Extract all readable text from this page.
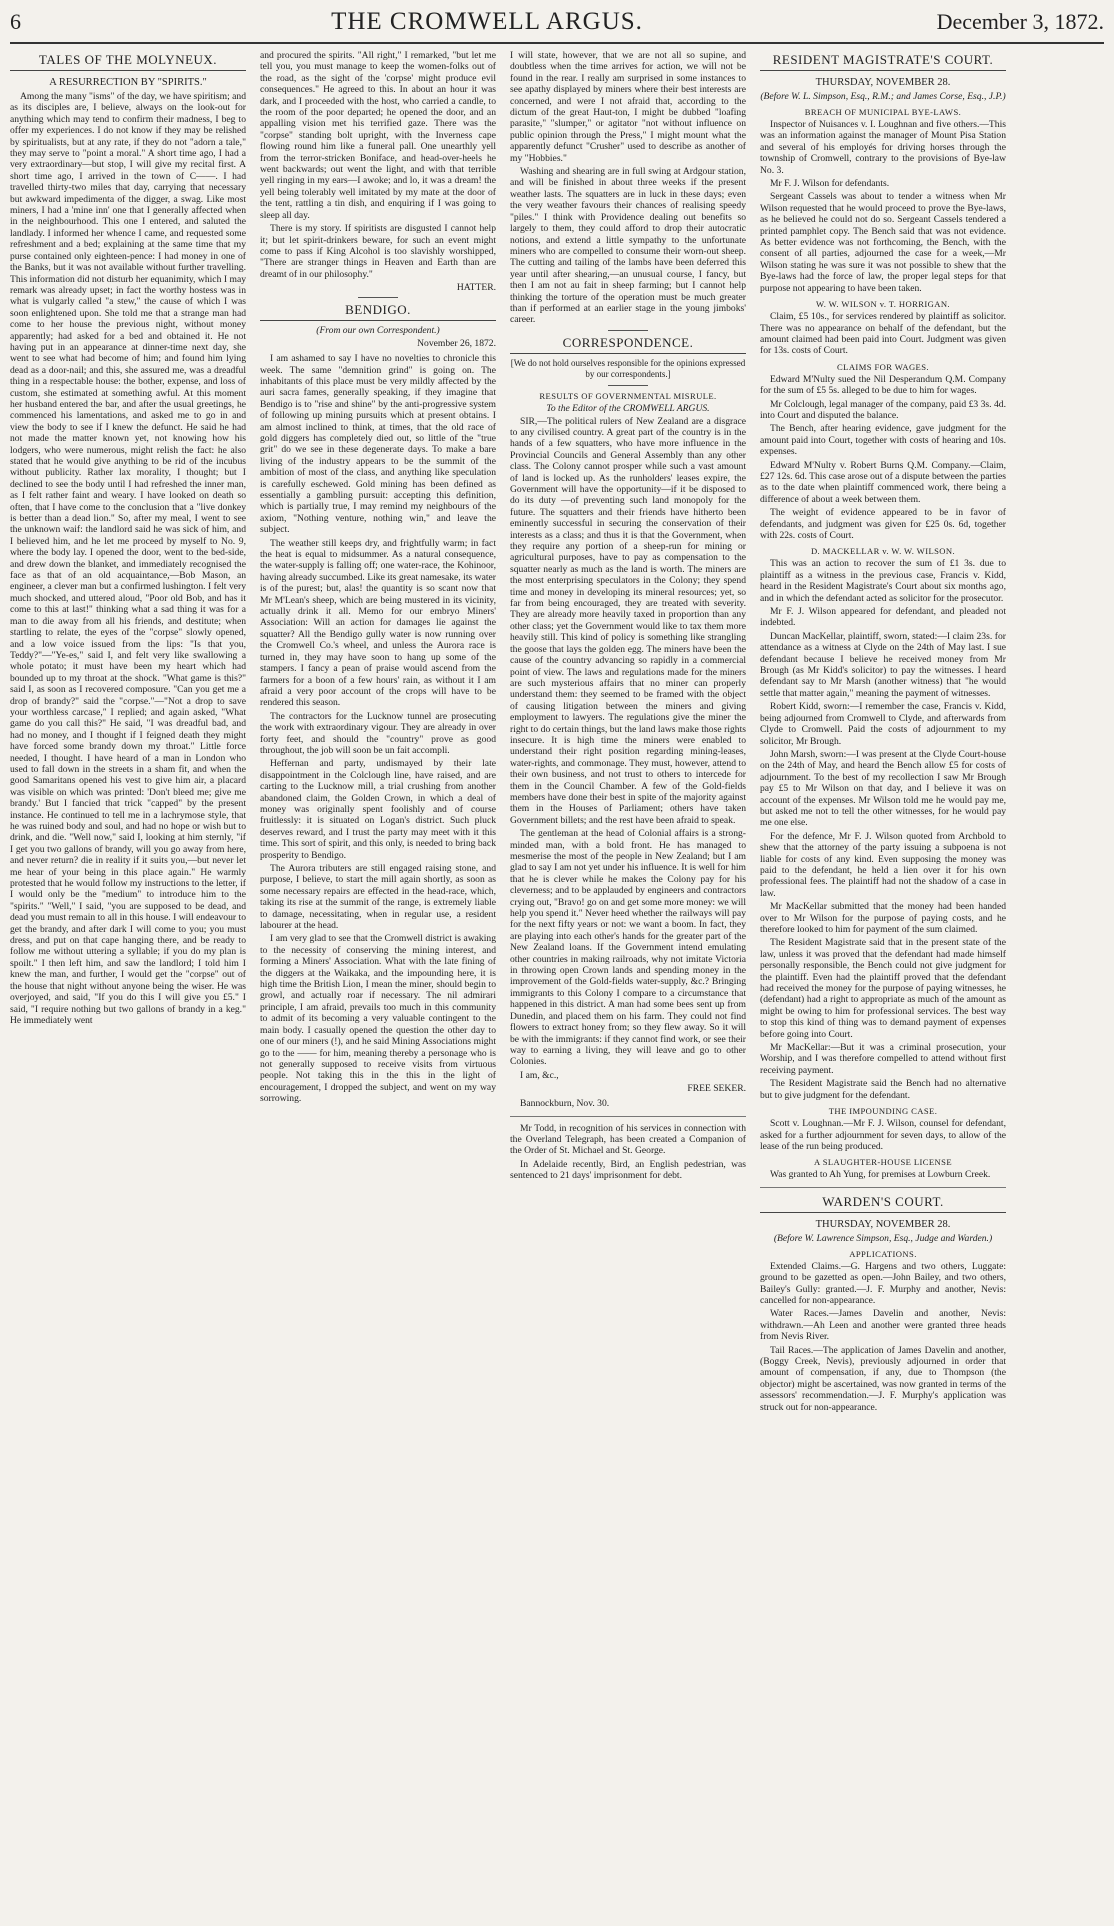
6	THE CROMWELL ARGUS.	December 3, 1872.
TALES OF THE MOLYNEUX.
A RESURRECTION BY "SPIRITS."

Among the many "isms" of the day, we have spiritism; and as its disciples are, I believe, always on the look-out for anything which may tend to confirm their madness, I beg to offer my experiences. I do not know if they may be relished by spiritualists, but at any rate, if they do not "adorn a tale," they may serve to "point a moral." A short time ago, I had a very extraordinary—but stop, I will give my recital first. A short time ago, I arrived in the town of C——. I had travelled thirty-two miles that day, carrying that necessary but awkward impedimenta of the digger, a swag. Like most miners, I had a 'mine inn' one that I generally affected when in the neighbourhood. This one I entered, and saluted the landlady. I informed her whence I came, and requested some refreshment and a bed; explaining at the same time that my purse contained only eighteen-pence: I had money in one of the Banks, but it was not available without further travelling. This information did not disturb her equanimity, which I may remark was already upset; in fact the worthy hostess was in what is vulgarly called "a stew," the cause of which I was soon enlightened upon. She told me that a strange man had come to her house the previous night, without money apparently; had asked for a bed and obtained it. He not having put in an appearance at dinner-time next day, she went to see what had become of him; and found him lying dead as a door-nail; and this, she assured me, was a dreadful thing in a respectable house: the bother, expense, and loss of custom, she estimated at something awful. At this moment her husband entered the bar, and after the usual greetings, he commenced his lamentations, and asked me to go in and view the body to see if I knew the defunct. He said he had not made the matter known yet, not knowing how his lodgers, who were numerous, might relish the fact: he also stated that he would give anything to be rid of the incubus without publicity. Rather lax morality, I thought; but I declined to see the body until I had refreshed the inner man, as I felt rather faint and weary. I have looked on death so often, that I have come to the conclusion that a "live donkey is better than a dead lion." So, after my meal, I went to see the unknown waif: the landlord said he was sick of him, and I believed him, and he let me proceed by myself to No. 9, where the body lay. I opened the door, went to the bed-side, and drew down the blanket, and immediately recognised the face as that of an old acquaintance,—Bob Mason, an engineer, a clever man but a confirmed lushington. I felt very much shocked, and uttered aloud, "Poor old Bob, and has it come to this at last!" thinking what a sad thing it was for a man to die away from all his friends, and destitute; when startling to relate, the eyes of the "corpse" slowly opened, and a low voice issued from the lips: "Is that you, Teddy?"—"Ye-es," said I, and felt very like swallowing a whole potato; it must have been my heart which had bounded up to my throat at the shock. "What game is this?" said I, as soon as I recovered composure. "Can you get me a drop of brandy?" said the "corpse."—"Not a drop to save your worthless carcase," I replied; and again asked, "What game do you call this?" He said, "I was dreadful bad, and had no money, and I thought if I feigned death they might have forced some brandy down my throat." Little force needed, I thought. I have heard of a man in London who used to fall down in the streets in a sham fit, and when the good Samaritans opened his vest to give him air, a placard was visible on which was printed: 'Don't bleed me; give me brandy.' But I fancied that trick "capped" by the present instance. He continued to tell me in a lachrymose style, that he was ruined body and soul, and had no hope or wish but to drink, and die. "Well now," said I, looking at him sternly, "if I get you two gallons of brandy, will you go away from here, and never return? die in reality if it suits you,—but never let me hear of your being in this place again." He warmly protested that he would follow my instructions to the letter, if I would only be the "medium" to introduce him to the "spirits." "Well," I said, "you are supposed to be dead, and dead you must remain to all in this house. I will endeavour to get the brandy, and after dark I will come to you; you must dress, and put on that cape hanging there, and be ready to follow me without uttering a syllable; if you do my plan is spoilt." I then left him, and saw the landlord; I told him I knew the man, and further, I would get the "corpse" out of the house that night without anyone being the wiser. He was overjoyed, and said, "If you do this I will give you £5." I said, "I require nothing but two gallons of brandy in a keg." He immediately went

and procured the spirits. "All right," I remarked, "but let me tell you, you must manage to keep the women-folks out of the road, as the sight of the 'corpse' might produce evil consequences." He agreed to this. In about an hour it was dark, and I proceeded with the host, who carried a candle, to the room of the poor departed; he opened the door, and an appalling vision met his terrified gaze. There was the "corpse" standing bolt upright, with the Inverness cape flowing round him like a funeral pall. One unearthly yell from the terror-stricken Boniface, and head-over-heels he went backwards; out went the light, and with that terrible yell ringing in my ears—I awoke; and lo, it was a dream! the yell being tolerably well imitated by my mate at the door of the tent, rattling a tin dish, and enquiring if I was going to sleep all day.

There is my story. If spiritists are disgusted I cannot help it; but let spirit-drinkers beware, for such an event might come to pass if King Alcohol is too slavishly worshipped, "There are stranger things in Heaven and Earth than are dreamt of in our philosophy."

HATTER.
BENDIGO.
(From our own Correspondent.)
November 26, 1872.

I am ashamed to say I have no novelties to chronicle this week. The same "demnition grind" is going on. The inhabitants of this place must be very mildly affected by the auri sacra fames, generally speaking, if they imagine that Bendigo is to "rise and shine" by the anti-progressive system of following up mining pursuits which at present obtains. I am almost inclined to think, at times, that the old race of gold diggers has completely died out, so little of the "true grit" do we see in these degenerate days. To make a bare living of the industry appears to be the summit of the ambition of most of the class, and anything like speculation is carefully eschewed. Gold mining has been defined as essentially a gambling pursuit: accepting this definition, which is partially true, I may remind my neighbours of the axiom, "Nothing venture, nothing win," and leave the subject.

The weather still keeps dry, and frightfully warm; in fact the heat is equal to midsummer. As a natural consequence, the water-supply is falling off; one water-race, the Kohinoor, having already succumbed. Like its great namesake, its water is of the purest; but, alas! the quantity is so scant now that Mr M'Lean's sheep, which are being mustered in its vicinity, actually drink it all. Memo for our embryo Miners' Association: Will an action for damages lie against the squatter? All the Bendigo gully water is now running over the Cromwell Co.'s wheel, and unless the Aurora race is turned in, they may have soon to hang up some of the stampers. I fancy a pean of praise would ascend from the farmers for a boon of a few hours' rain, as without it I am afraid a very poor account of the crops will have to be rendered this season.

The contractors for the Lucknow tunnel are prosecuting the work with extraordinary vigour. They are already in over forty feet, and should the "country" prove as good throughout, the job will soon be un fait accompli.

Heffernan and party, undismayed by their late disappointment in the Colclough line, have raised, and are carting to the Lucknow mill, a trial crushing from another abandoned claim, the Golden Crown, in which a deal of money was originally spent foolishly and of course fruitlessly: it is situated on Logan's district. Such pluck deserves reward, and I trust the party may meet with it this time. This sort of spirit, and this only, is needed to bring back prosperity to Bendigo.

The Aurora tributers are still engaged raising stone, and purpose, I believe, to start the mill again shortly, as soon as some necessary repairs are effected in the head-race, which, taking its rise at the summit of the range, is extremely liable to damage, necessitating, when in regular use, a resident labourer at the head.

I am very glad to see that the Cromwell district is awaking to the necessity of conserving the mining interest, and forming a Miners' Association. What with the late fining of the diggers at the Waikaka, and the impounding here, it is high time the British Lion, I mean the miner, should begin to growl, and actually roar if necessary. The nil admirari principle, I am afraid, prevails too much in this community to admit of its becoming a very valuable contingent to the main body. I casually opened the question the other day to one of our miners (!), and he said Mining Associations might go to the —— for him, meaning thereby a personage who is not generally supposed to receive visits from virtuous people. Not taking this in the this in the light of encouragement, I dropped the subject, and went on my way sorrowing.

I will state, however, that we are not all so supine, and doubtless when the time arrives for action, we will not be found in the rear. I really am surprised in some instances to see apathy displayed by miners where their best interests are concerned, and were I not afraid that, according to the dictum of the great Haut-ton, I might be dubbed "loafing parasite," "slumper," or agitator "not without influence on public opinion through the Press," I might mount what the apparently defunct "Crusher" used to describe as another of my "Hobbies."

Washing and shearing are in full swing at Ardgour station, and will be finished in about three weeks if the present weather lasts. The squatters are in luck in these days; even the very weather favours their chances of realising speedy "piles." I think with Providence dealing out benefits so largely to them, they could afford to drop their autocratic notions, and extend a little sympathy to the unfortunate miners who are compelled to consume their worn-out sheep. The cutting and tailing of the lambs have been deferred this year until after shearing,—an unusual course, I fancy, but then I am not au fait in sheep farming; but I cannot help thinking the torture of the operation must be much greater than if performed at an earlier stage in the young jimboks' career.

CORRESPONDENCE.

[We do not hold ourselves responsible for the opinions expressed by our correspondents.]

RESULTS OF GOVERNMENTAL MISRULE.
To the Editor of the CROMWELL ARGUS.

SIR,—The political rulers of New Zealand are a disgrace to any civilised country. A great part of the country is in the hands of a few squatters, who have more influence in the Provincial Councils and General Assembly than any other class. The Colony cannot prosper while such a vast amount of land is locked up. As the runholders' leases expire, the Government will have the opportunity—if it be disposed to do its duty —of preventing such land monopoly for the future. The squatters and their friends have hitherto been eminently successful in securing the conservation of their interests as a class; and thus it is that the Government, when they require any portion of a sheep-run for mining or agricultural purposes, have to pay as compensation to the squatter nearly as much as the land is worth. The miners are the most enterprising speculators in the Colony; they spend time and money in developing its mineral resources; yet, so far from being encouraged, they are treated with severity. They are already more heavily taxed in proportion than any other class; yet the Government would like to tax them more heavily still. This kind of policy is something like strangling the goose that lays the golden egg. The miners have been the cause of the country advancing so rapidly in a commercial point of view. The laws and regulations made for the miners are such mysterious affairs that no miner can properly understand them: they seemed to be framed with the object of causing litigation between the miners and giving employment to lawyers. The regulations give the miner the right to do certain things, but the land laws make those rights insecure. It is high time the miners were enabled to understand their right position regarding mining-leases, water-rights, and commonage. They must, however, attend to their own business, and not trust to others to intercede for them in the Council Chamber. A few of the Gold-fields members have done their best in spite of the majority against them in the Houses of Parliament; others have taken Government billets; and the rest have been afraid to speak.

The gentleman at the head of Colonial affairs is a strong-minded man, with a bold front. He has managed to mesmerise the most of the people in New Zealand; but I am glad to say I am not yet under his influence. It is well for him that he is clever while he makes the Colony pay for his cleverness; and to be applauded by engineers and contractors crying out, "Bravo! go on and get some more money: we will help you spend it." Never heed whether the railways will pay for the next fifty years or not: we want a boom. In fact, they are playing into each other's hands for the greater part of the New Zealand loans. If the Government intend emulating other countries in making railroads, why not imitate Victoria in throwing open Crown lands and spending money in the improvement of the Gold-fields water-supply, &c.? Bringing immigrants to this Colony I compare to a circumstance that happened in this district. A man had some bees sent up from Dunedin, and placed them on his farm. They could not find flowers to extract honey from; so they flew away. So it will be with the immigrants: if they cannot find work, or see their way to earning a living, they will leave and go to other Colonies.

I am, &c.,

FREE SEKER.

Bannockburn, Nov. 30.

Mr Todd, in recognition of his services in connection with the Overland Telegraph, has been created a Companion of the Order of St. Michael and St. George.

In Adelaide recently, Bird, an English pedestrian, was sentenced to 21 days' imprisonment for debt.

RESIDENT MAGISTRATE'S COURT.
THURSDAY, NOVEMBER 28.
(Before W. L. Simpson, Esq., R.M.; and James Corse, Esq., J.P.)
BREACH OF MUNICIPAL BYE-LAWS.

Inspector of Nuisances v. I. Loughnan and five others.—This was an information against the manager of Mount Pisa Station and several of his employés for driving horses through the township of Cromwell, contrary to the provisions of Bye-law No. 3.

Mr F. J. Wilson for defendants.

Sergeant Cassels was about to tender a witness when Mr Wilson requested that he would proceed to prove the Bye-laws, as he believed he could not do so. Sergeant Cassels tendered a printed pamphlet copy. The Bench said that was not evidence. As better evidence was not forthcoming, the Bench, with the consent of all parties, adjourned the case for a week,—Mr Wilson stating he was sure it was not possible to shew that the Bye-laws had the force of law, the proper legal steps for that purpose not appearing to have been taken.

W. W. WILSON v. T. HORRIGAN.

Claim, £5 10s., for services rendered by plaintiff as solicitor. There was no appearance on behalf of the defendant, but the amount claimed had been paid into Court. Judgment was given for 13s. costs of Court.

CLAIMS FOR WAGES.

Edward M'Nulty sued the Nil Desperandum Q.M. Company for the sum of £5 5s. alleged to be due to him for wages.

Mr Colclough, legal manager of the company, paid £3 3s. 4d. into Court and disputed the balance.

The Bench, after hearing evidence, gave judgment for the amount paid into Court, together with costs of hearing and 10s. expenses.

Edward M'Nulty v. Robert Burns Q.M. Company.—Claim, £27 12s. 6d. This case arose out of a dispute between the parties as to the date when plaintiff commenced work, there being a difference of about a week between them.

The weight of evidence appeared to be in favor of defendants, and judgment was given for £25 0s. 6d, together with 22s. costs of Court.

D. MACKELLAR v. W. W. WILSON.

This was an action to recover the sum of £1 3s. due to plaintiff as a witness in the previous case, Francis v. Kidd, heard in the Resident Magistrate's Court about six months ago, and in which the defendant acted as solicitor for the prosecutor.

Mr F. J. Wilson appeared for defendant, and pleaded not indebted.

Duncan MacKellar, plaintiff, sworn, stated:—I claim 23s. for attendance as a witness at Clyde on the 24th of May last. I sue defendant because I believe he received money from Mr Brough (as Mr Kidd's solicitor) to pay the witnesses. I heard defendant say to Mr Marsh (another witness) that "he would settle that matter again," meaning the payment of witnesses.

Robert Kidd, sworn:—I remember the case, Francis v. Kidd, being adjourned from Cromwell to Clyde, and afterwards from Clyde to Cromwell. Paid the costs of adjournment to my solicitor, Mr Brough.

John Marsh, sworn:—I was present at the Clyde Court-house on the 24th of May, and heard the Bench allow £5 for costs of adjournment. To the best of my recollection I saw Mr Brough pay £5 to Mr Wilson on that day, and I believe it was on account of the expenses. Mr Wilson told me he would pay me, but asked me not to tell the other witnesses, for he would pay me one else.

For the defence, Mr F. J. Wilson quoted from Archbold to shew that the attorney of the party issuing a subpoena is not liable for costs of any kind. Even supposing the money was paid to the defendant, he held a lien over it for his own professional fees. The plaintiff had not the shadow of a case in law.

Mr MacKellar submitted that the money had been handed over to Mr Wilson for the purpose of paying costs, and he therefore looked to him for payment of the sum claimed.

The Resident Magistrate said that in the present state of the law, unless it was proved that the defendant had made himself personally responsible, the Bench could not give judgment for the plaintiff. Even had the plaintiff proved that the defendant had received the money for the purpose of paying witnesses, he (defendant) had a right to appropriate as much of the amount as might be owing to him for professional services. The best way to stop this kind of thing was to demand payment of expenses before going into Court.

Mr MacKellar:—But it was a criminal prosecution, your Worship, and I was therefore compelled to attend without first receiving payment.

The Resident Magistrate said the Bench had no alternative but to give judgment for the defendant.

THE IMPOUNDING CASE.

Scott v. Loughnan.—Mr F. J. Wilson, counsel for defendant, asked for a further adjournment for seven days, to allow of the lease of the run being produced.

A SLAUGHTER-HOUSE LICENSE

Was granted to Ah Yung, for premises at Lowburn Creek.

WARDEN'S COURT.
THURSDAY, NOVEMBER 28.
(Before W. Lawrence Simpson, Esq., Judge and Warden.)
APPLICATIONS.

Extended Claims.—G. Hargens and two others, Luggate: ground to be gazetted as open.—John Bailey, and two others, Bailey's Gully: granted.—J. F. Murphy and another, Nevis: cancelled for non-appearance.

Water Races.—James Davelin and another, Nevis: withdrawn.—Ah Leen and another were granted three heads from Nevis River.

Tail Races.—The application of James Davelin and another, (Boggy Creek, Nevis), previously adjourned in order that amount of compensation, if any, due to Thompson (the objector) might be ascertained, was now granted in terms of the assessors' recommendation.—J. F. Murphy's application was struck out for non-appearance.
